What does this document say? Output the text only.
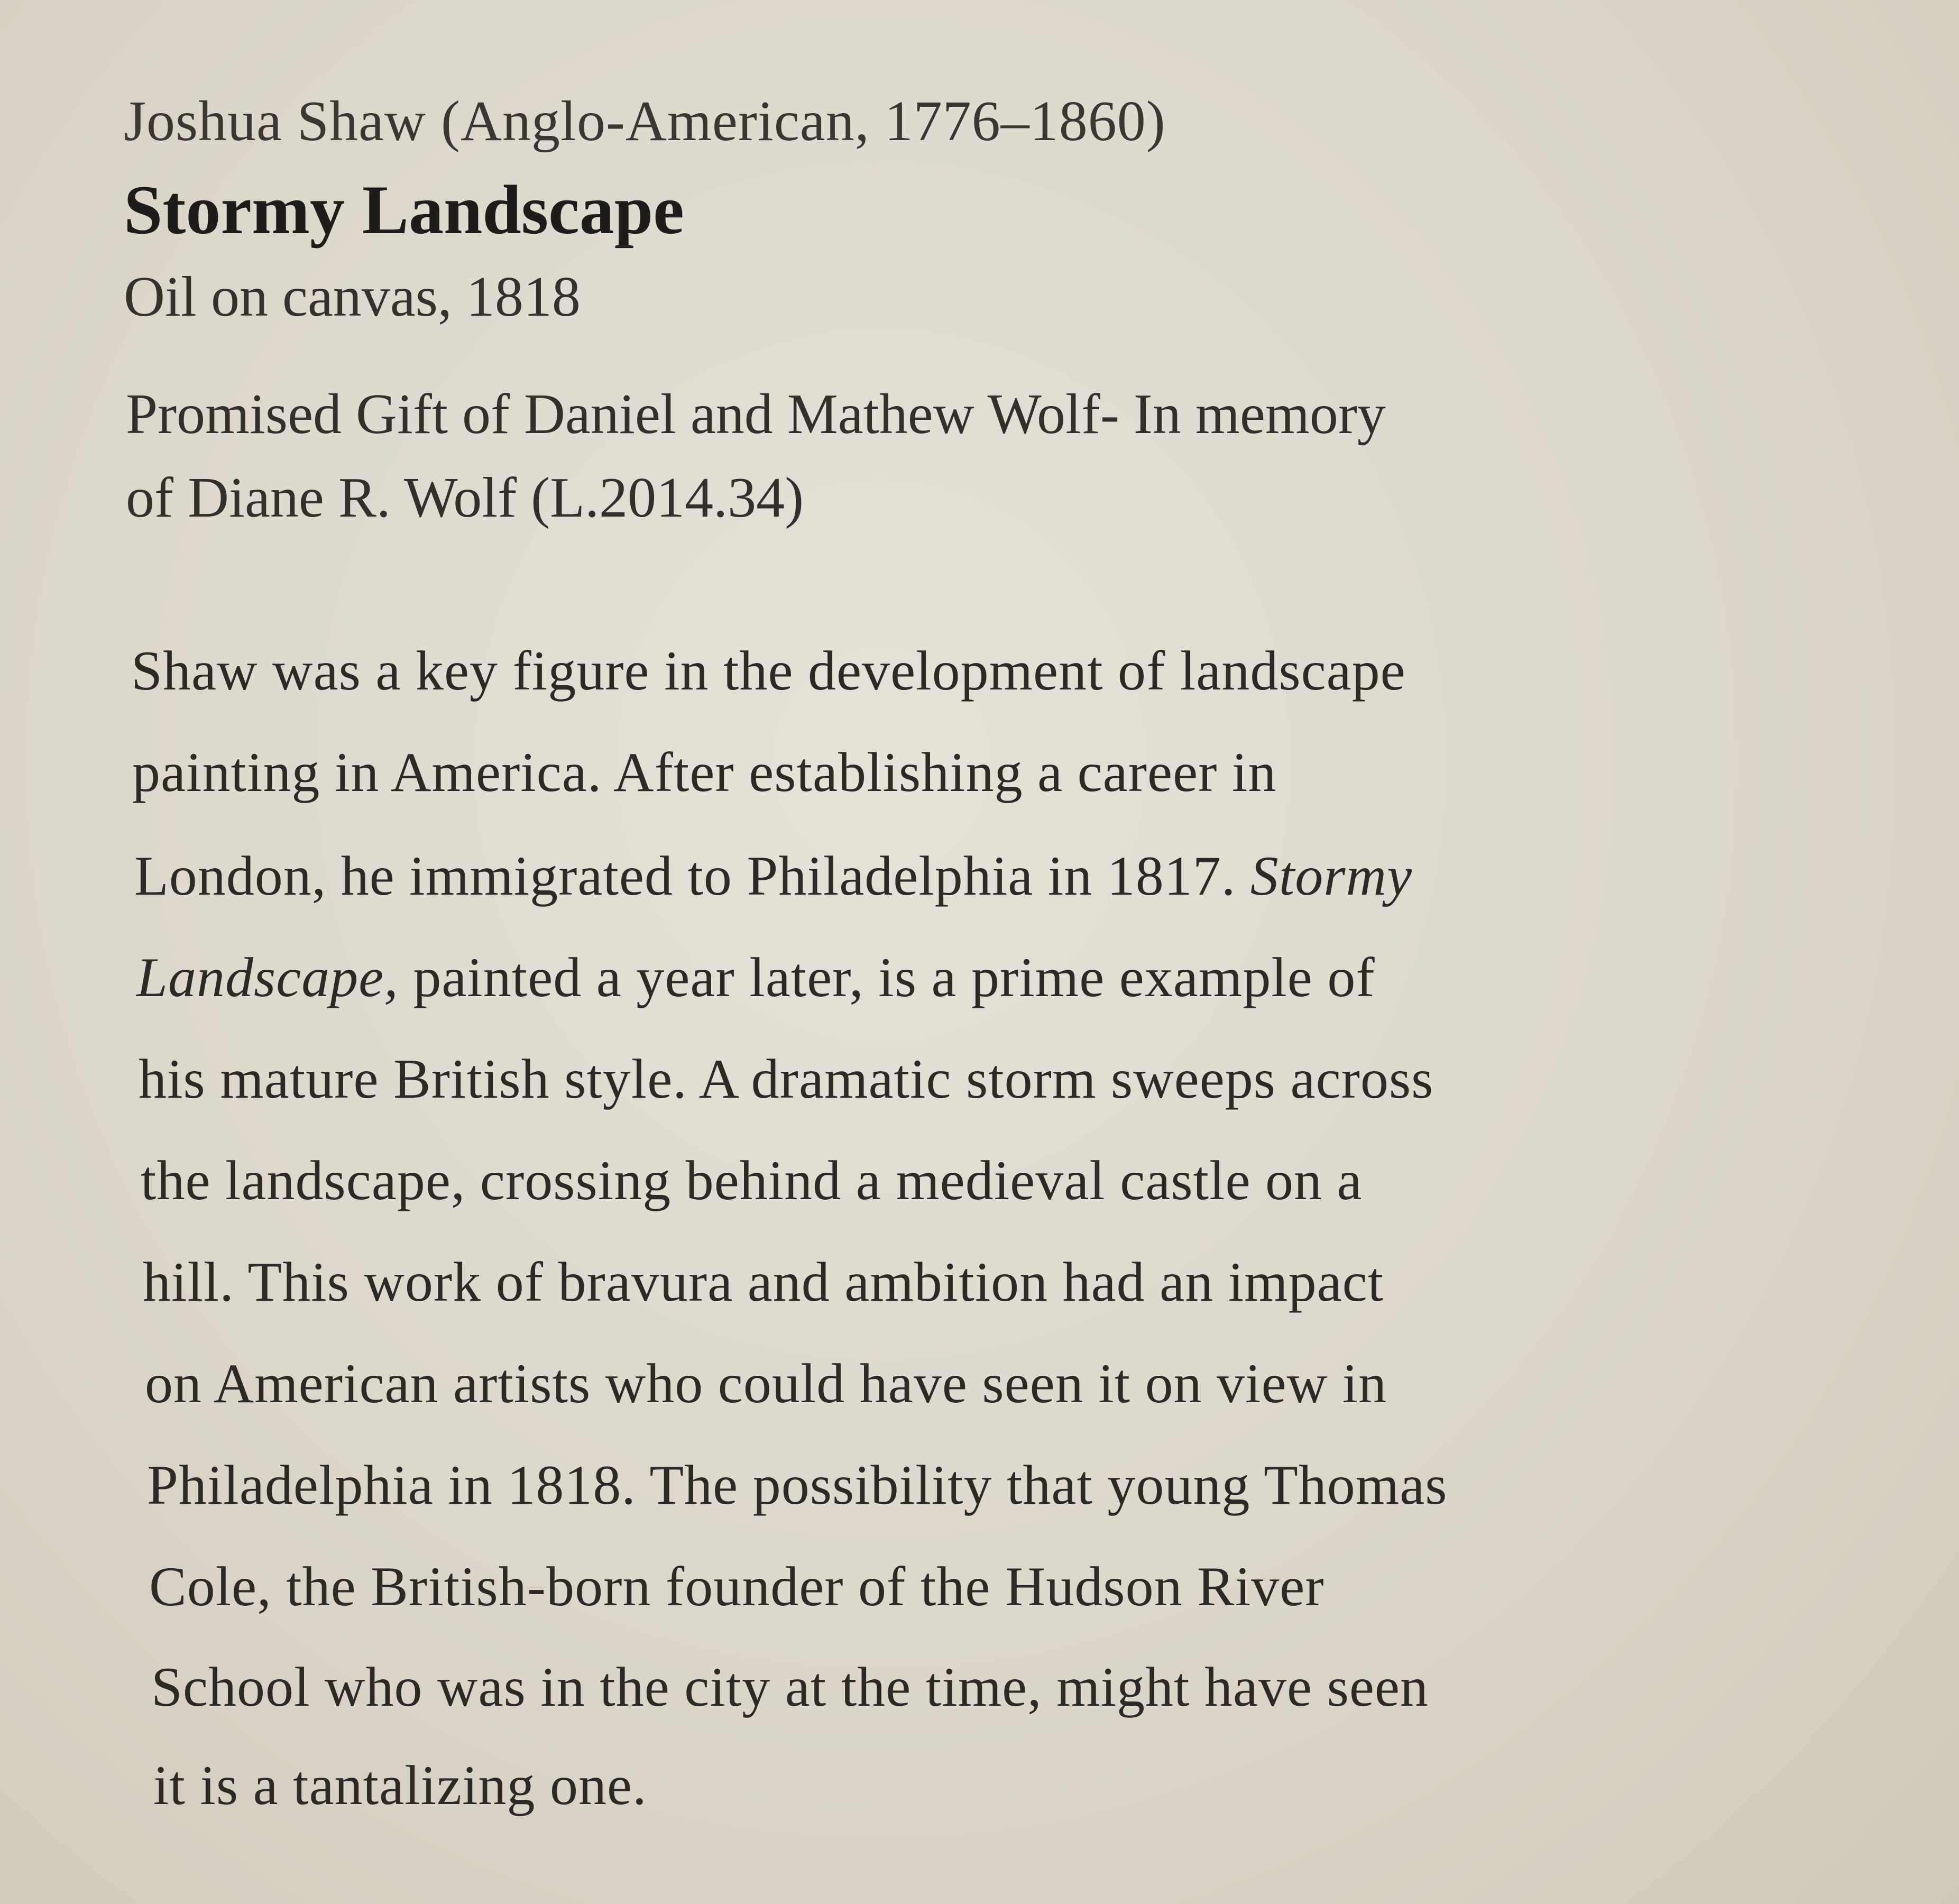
Joshua Shaw (Anglo-American, 1776–1860)

Stormy Landscape

Oil on canvas, 1818

Promised Gift of Daniel and Mathew Wolf- In memory

of Diane R. Wolf (L.2014.34)

Shaw was a key figure in the development of landscape

painting in America. After establishing a career in

London, he immigrated to Philadelphia in 1817. Stormy

Landscape, painted a year later, is a prime example of

his mature British style. A dramatic storm sweeps across

the landscape, crossing behind a medieval castle on a

hill. This work of bravura and ambition had an impact

on American artists who could have seen it on view in

Philadelphia in 1818. The possibility that young Thomas

Cole, the British-born founder of the Hudson River

School who was in the city at the time, might have seen

it is a tantalizing one.
